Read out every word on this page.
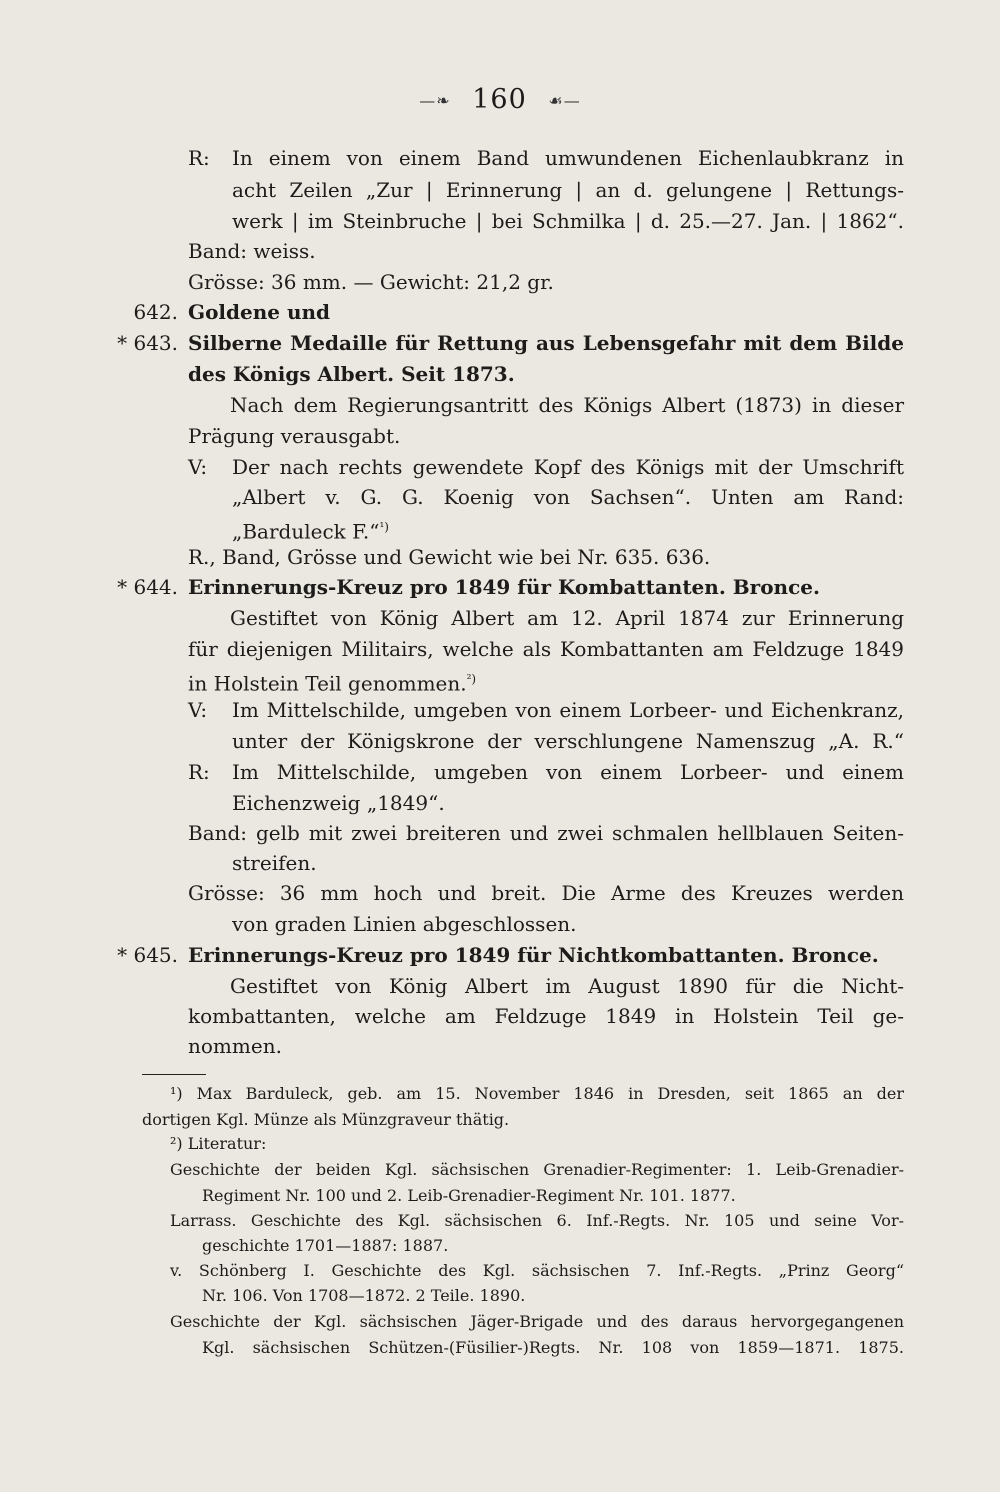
—❧ 160 ☙—
R: In einem von einem Band umwundenen Eichenlaubkranz in
acht Zeilen „Zur | Erinnerung | an d. gelungene | Rettungs-
werk | im Steinbruche | bei Schmilka | d. 25.—27. Jan. | 1862“.
Band: weiss.
Grösse: 36 mm. — Gewicht: 21,2 gr.
642. Goldene und
* 643. Silberne Medaille für Rettung aus Lebensgefahr mit dem Bilde
des Königs Albert. Seit 1873.
Nach dem Regierungsantritt des Königs Albert (1873) in dieser
Prägung verausgabt.
V: Der nach rechts gewendete Kopf des Königs mit der Umschrift
„Albert v. G. G. Koenig von Sachsen“. Unten am Rand:
„Barduleck F.“$^{^1)}$
R., Band, Grösse und Gewicht wie bei Nr. 635. 636.
* 644. Erinnerungs-Kreuz pro 1849 für Kombattanten. Bronce.
Gestiftet von König Albert am 12. April 1874 zur Erinnerung
für diejenigen Militairs, welche als Kombattanten am Feldzuge 1849
in Holstein Teil genommen.$^{^2)}$
V: Im Mittelschilde, umgeben von einem Lorbeer- und Eichenkranz,
unter der Königskrone der verschlungene Namenszug „A. R.“
R: Im Mittelschilde, umgeben von einem Lorbeer- und einem
Eichenzweig „1849“.
Band: gelb mit zwei breiteren und zwei schmalen hellblauen Seiten-
streifen.
Grösse: 36 mm hoch und breit. Die Arme des Kreuzes werden
von graden Linien abgeschlossen.
* 645. Erinnerungs-Kreuz pro 1849 für Nichtkombattanten. Bronce.
Gestiftet von König Albert im August 1890 für die Nicht-
kombattanten, welche am Feldzuge 1849 in Holstein Teil ge-
nommen.
¹) Max Barduleck, geb. am 15. November 1846 in Dresden, seit 1865 an der
dortigen Kgl. Münze als Münzgraveur thätig.
²) Literatur:
Geschichte der beiden Kgl. sächsischen Grenadier-Regimenter: 1. Leib-Grenadier-
Regiment Nr. 100 und 2. Leib-Grenadier-Regiment Nr. 101. 1877.
Larrass. Geschichte des Kgl. sächsischen 6. Inf.-Regts. Nr. 105 und seine Vor-
geschichte 1701—1887: 1887.
v. Schönberg I. Geschichte des Kgl. sächsischen 7. Inf.-Regts. „Prinz Georg“
Nr. 106. Von 1708—1872. 2 Teile. 1890.
Geschichte der Kgl. sächsischen Jäger-Brigade und des daraus hervorgegangenen
Kgl. sächsischen Schützen-(Füsilier-)Regts. Nr. 108 von 1859—1871. 1875.
